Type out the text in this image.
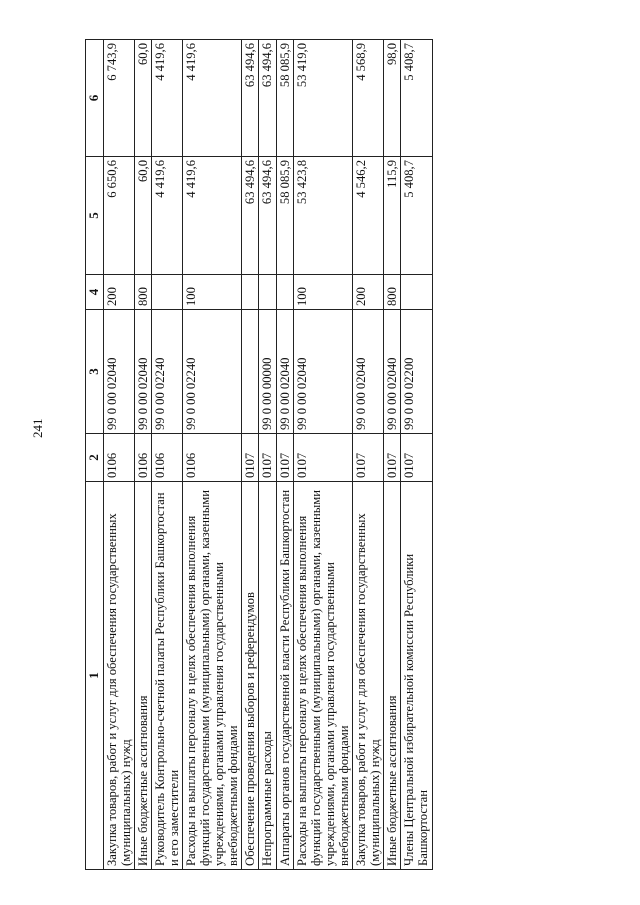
241
1	2	3	4	5	6
Закупка товаров, работ и услуг для обеспечения государственных (муниципальных) нужд	0106	99 0 00 02040	200	6 650,6	6 743,9
Иные бюджетные ассигнования	0106	99 0 00 02040	800	60,0	60,0
Руководитель Контрольно-счетной палаты Республики Башкортостан и его заместители	0106	99 0 00 02240		4 419,6	4 419,6
Расходы на выплаты персоналу в целях обеспечения выполнения функций государственными (муниципальными) органами, казенными учреждениями, органами управления государственными внебюджетными фондами	0106	99 0 00 02240	100	4 419,6	4 419,6
Обеспечение проведения выборов и референдумов	0107			63 494,6	63 494,6
Непрограммные расходы	0107	99 0 00 00000		63 494,6	63 494,6
Аппараты органов государственной власти Республики Башкортостан	0107	99 0 00 02040		58 085,9	58 085,9
Расходы на выплаты персоналу в целях обеспечения выполнения функций государственными (муниципальными) органами, казенными учреждениями, органами управления государственными внебюджетными фондами	0107	99 0 00 02040	100	53 423,8	53 419,0
Закупка товаров, работ и услуг для обеспечения государственных (муниципальных) нужд	0107	99 0 00 02040	200	4 546,2	4 568,9
Иные бюджетные ассигнования	0107	99 0 00 02040	800	115,9	98,0
Члены Центральной избирательной комиссии Республики Башкортостан	0107	99 0 00 02200		5 408,7	5 408,7
